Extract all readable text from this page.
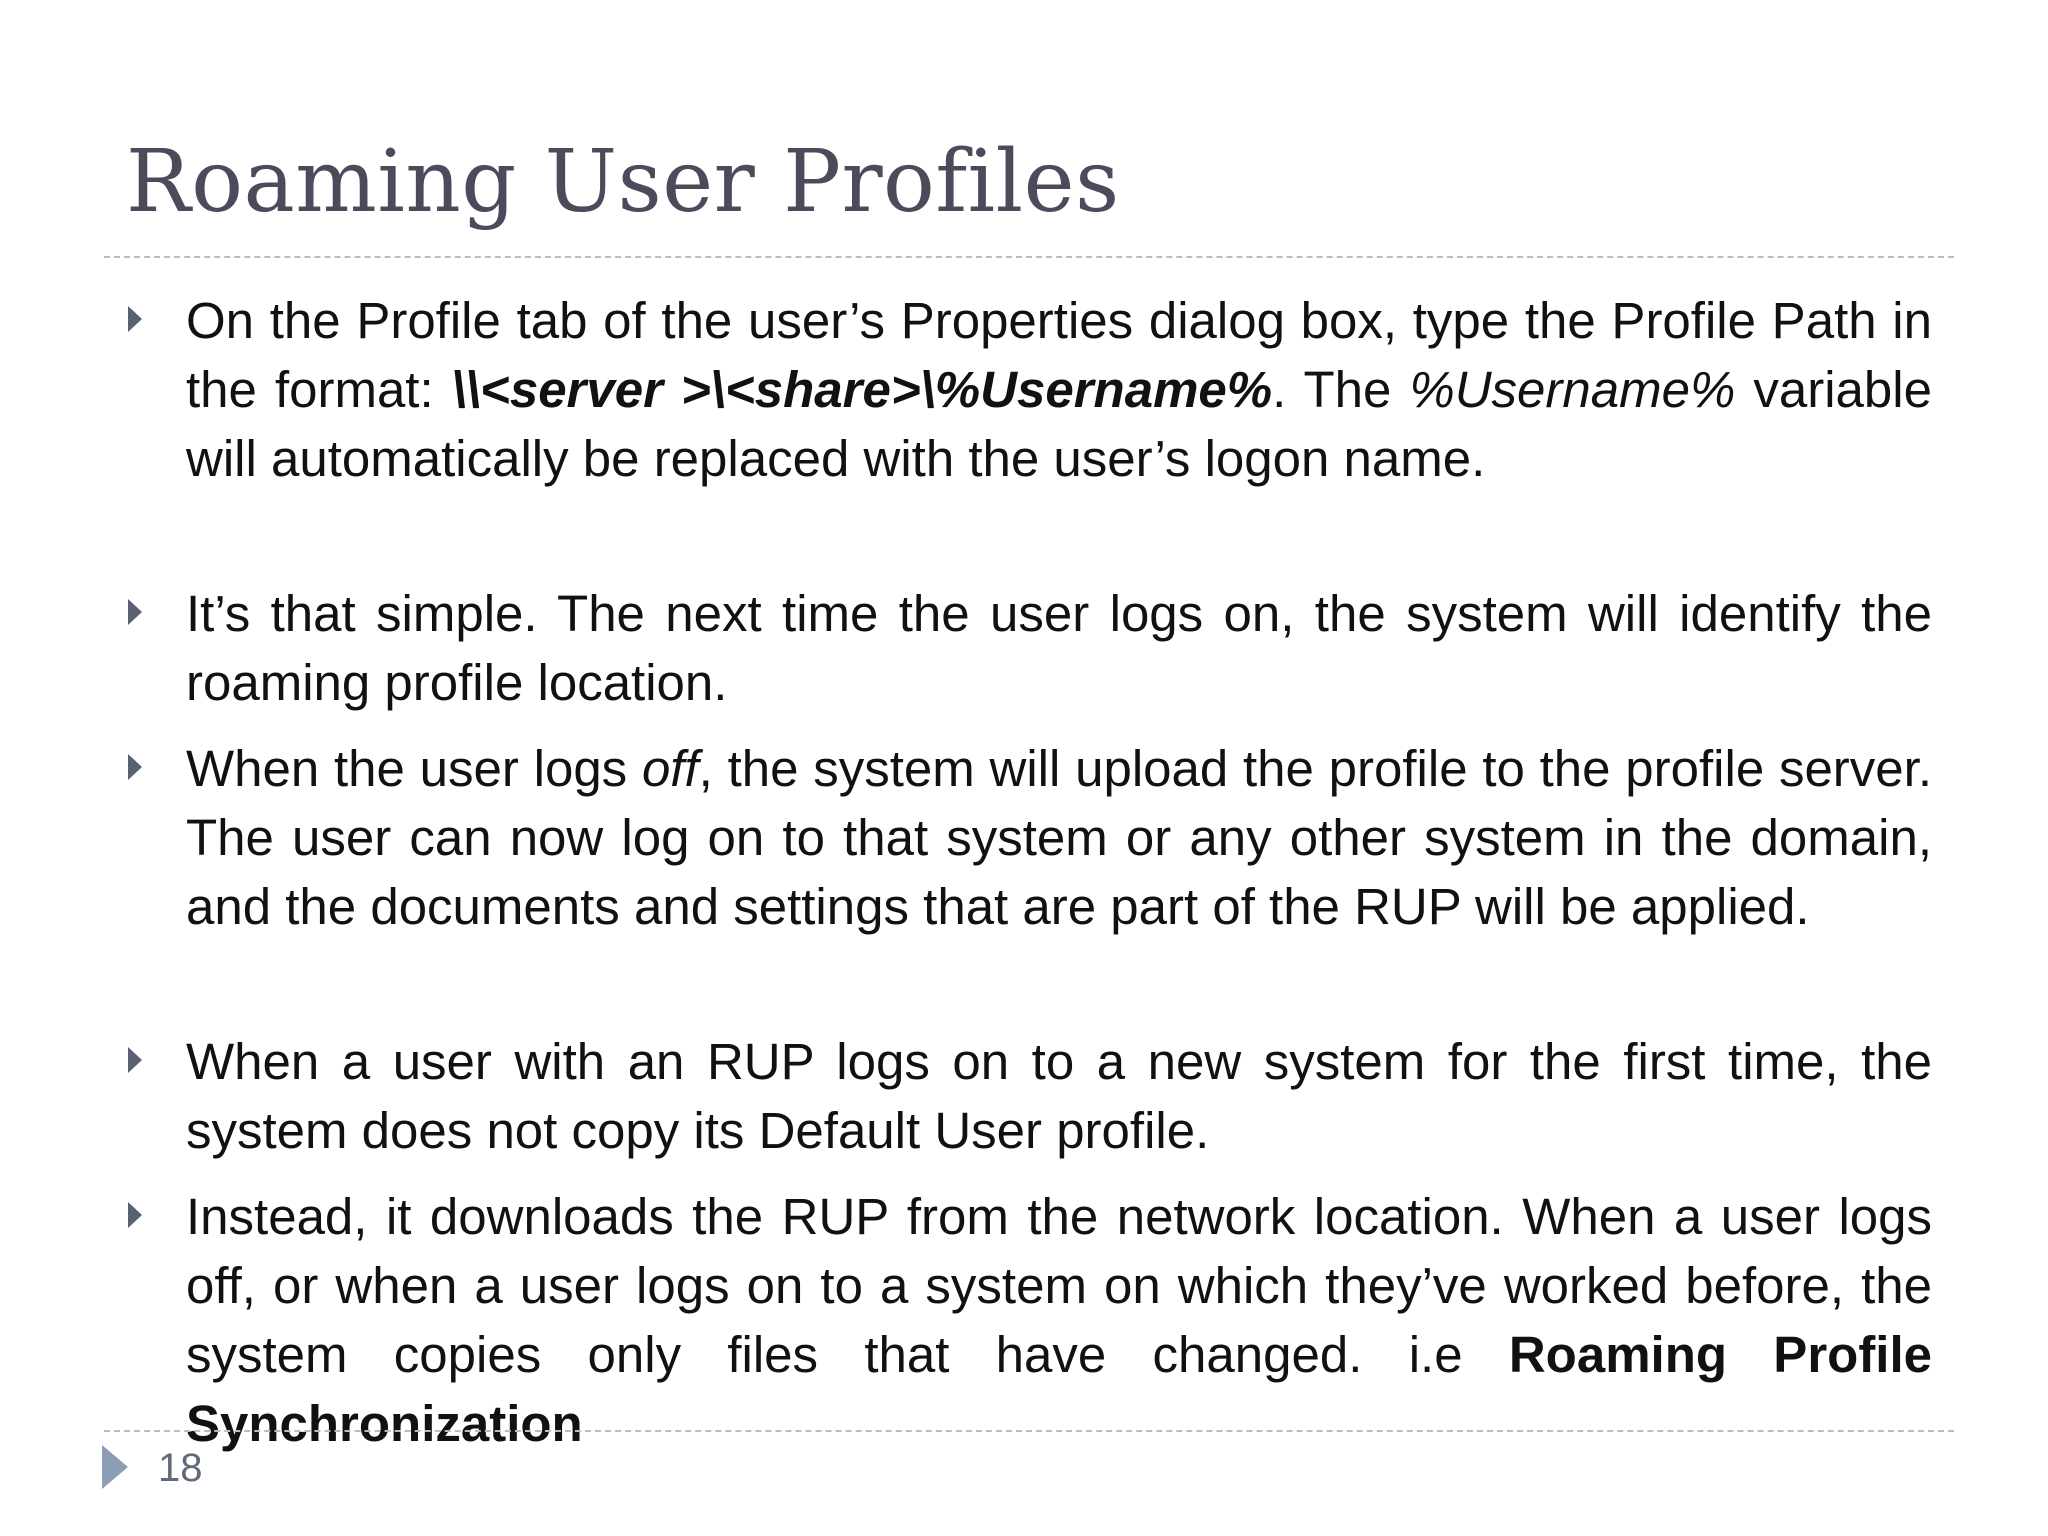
Roaming User Profiles

On the Profile tab of the user’s Properties dialog box, type the Profile Path in the format: \\<server >\<share>\%Username%. The %Username% variable will automatically be replaced with the user’s logon name.

It’s that simple. The next time the user logs on, the system will identify the roaming profile location.

When the user logs off, the system will upload the profile to the profile server. The user can now log on to that system or any other system in the domain, and the documents and settings that are part of the RUP will be applied.

When a user with an RUP logs on to a new system for the first time, the system does not copy its Default User profile.

Instead, it downloads the RUP from the network location. When a user logs off, or when a user logs on to a system on which they’ve worked before, the system copies only files that have changed. i.e Roaming Profile Synchronization

18
